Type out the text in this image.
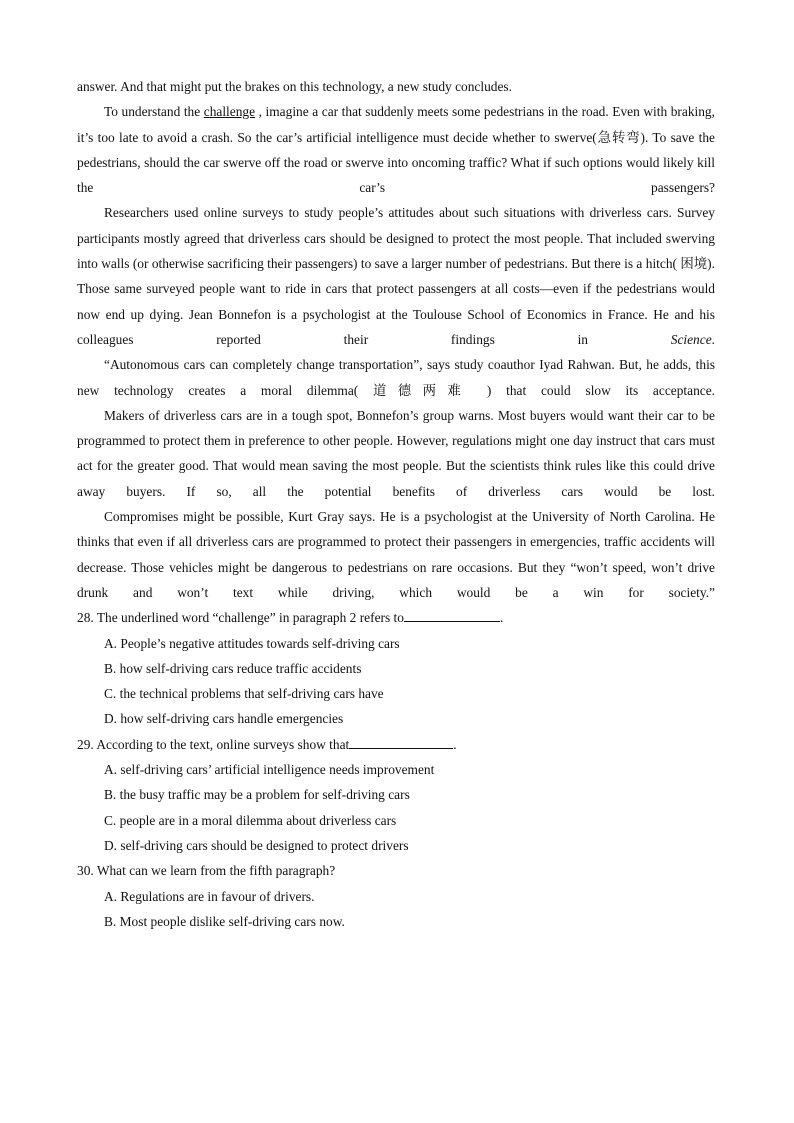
answer. And that might put the brakes on this technology, a new study concludes.

To understand the challenge , imagine a car that suddenly meets some pedestrians in the road. Even with braking, it’s too late to avoid a crash. So the car’s artificial intelligence must decide whether to swerve(急转弯). To save the pedestrians, should the car swerve off the road or swerve into oncoming traffic? What if such options would likely kill the car’s passengers?

Researchers used online surveys to study people’s attitudes about such situations with driverless cars. Survey participants mostly agreed that driverless cars should be designed to protect the most people. That included swerving into walls (or otherwise sacrificing their passengers) to save a larger number of pedestrians. But there is a hitch( 困境). Those same surveyed people want to ride in cars that protect passengers at all costs—even if the pedestrians would now end up dying. Jean Bonnefon is a psychologist at the Toulouse School of Economics in France. He and his colleagues reported their findings in Science.

“Autonomous cars can completely change transportation”, says study coauthor Iyad Rahwan. But, he adds, this new technology creates a moral dilemma( 道德两难 ) that could slow its acceptance.

Makers of driverless cars are in a tough spot, Bonnefon’s group warns. Most buyers would want their car to be programmed to protect them in preference to other people. However, regulations might one day instruct that cars must act for the greater good. That would mean saving the most people. But the scientists think rules like this could drive away buyers. If so, all the potential benefits of driverless cars would be lost.

Compromises might be possible, Kurt Gray says. He is a psychologist at the University of North Carolina. He thinks that even if all driverless cars are programmed to protect their passengers in emergencies, traffic accidents will decrease. Those vehicles might be dangerous to pedestrians on rare occasions. But they “won’t speed, won’t drive drunk and won’t text while driving, which would be a win for society.”

28. The underlined word “challenge” in paragraph 2 refers to	.

A. People’s negative attitudes towards self-driving cars

B. how self-driving cars reduce traffic accidents

C. the technical problems that self-driving cars have

D. how self-driving cars handle emergencies

29. According to the text, online surveys show that	.

A. self-driving cars’ artificial intelligence needs improvement

B. the busy traffic may be a problem for self-driving cars

C. people are in a moral dilemma about driverless cars

D. self-driving cars should be designed to protect drivers

30. What can we learn from the fifth paragraph?

A. Regulations are in favour of drivers.

B. Most people dislike self-driving cars now.
